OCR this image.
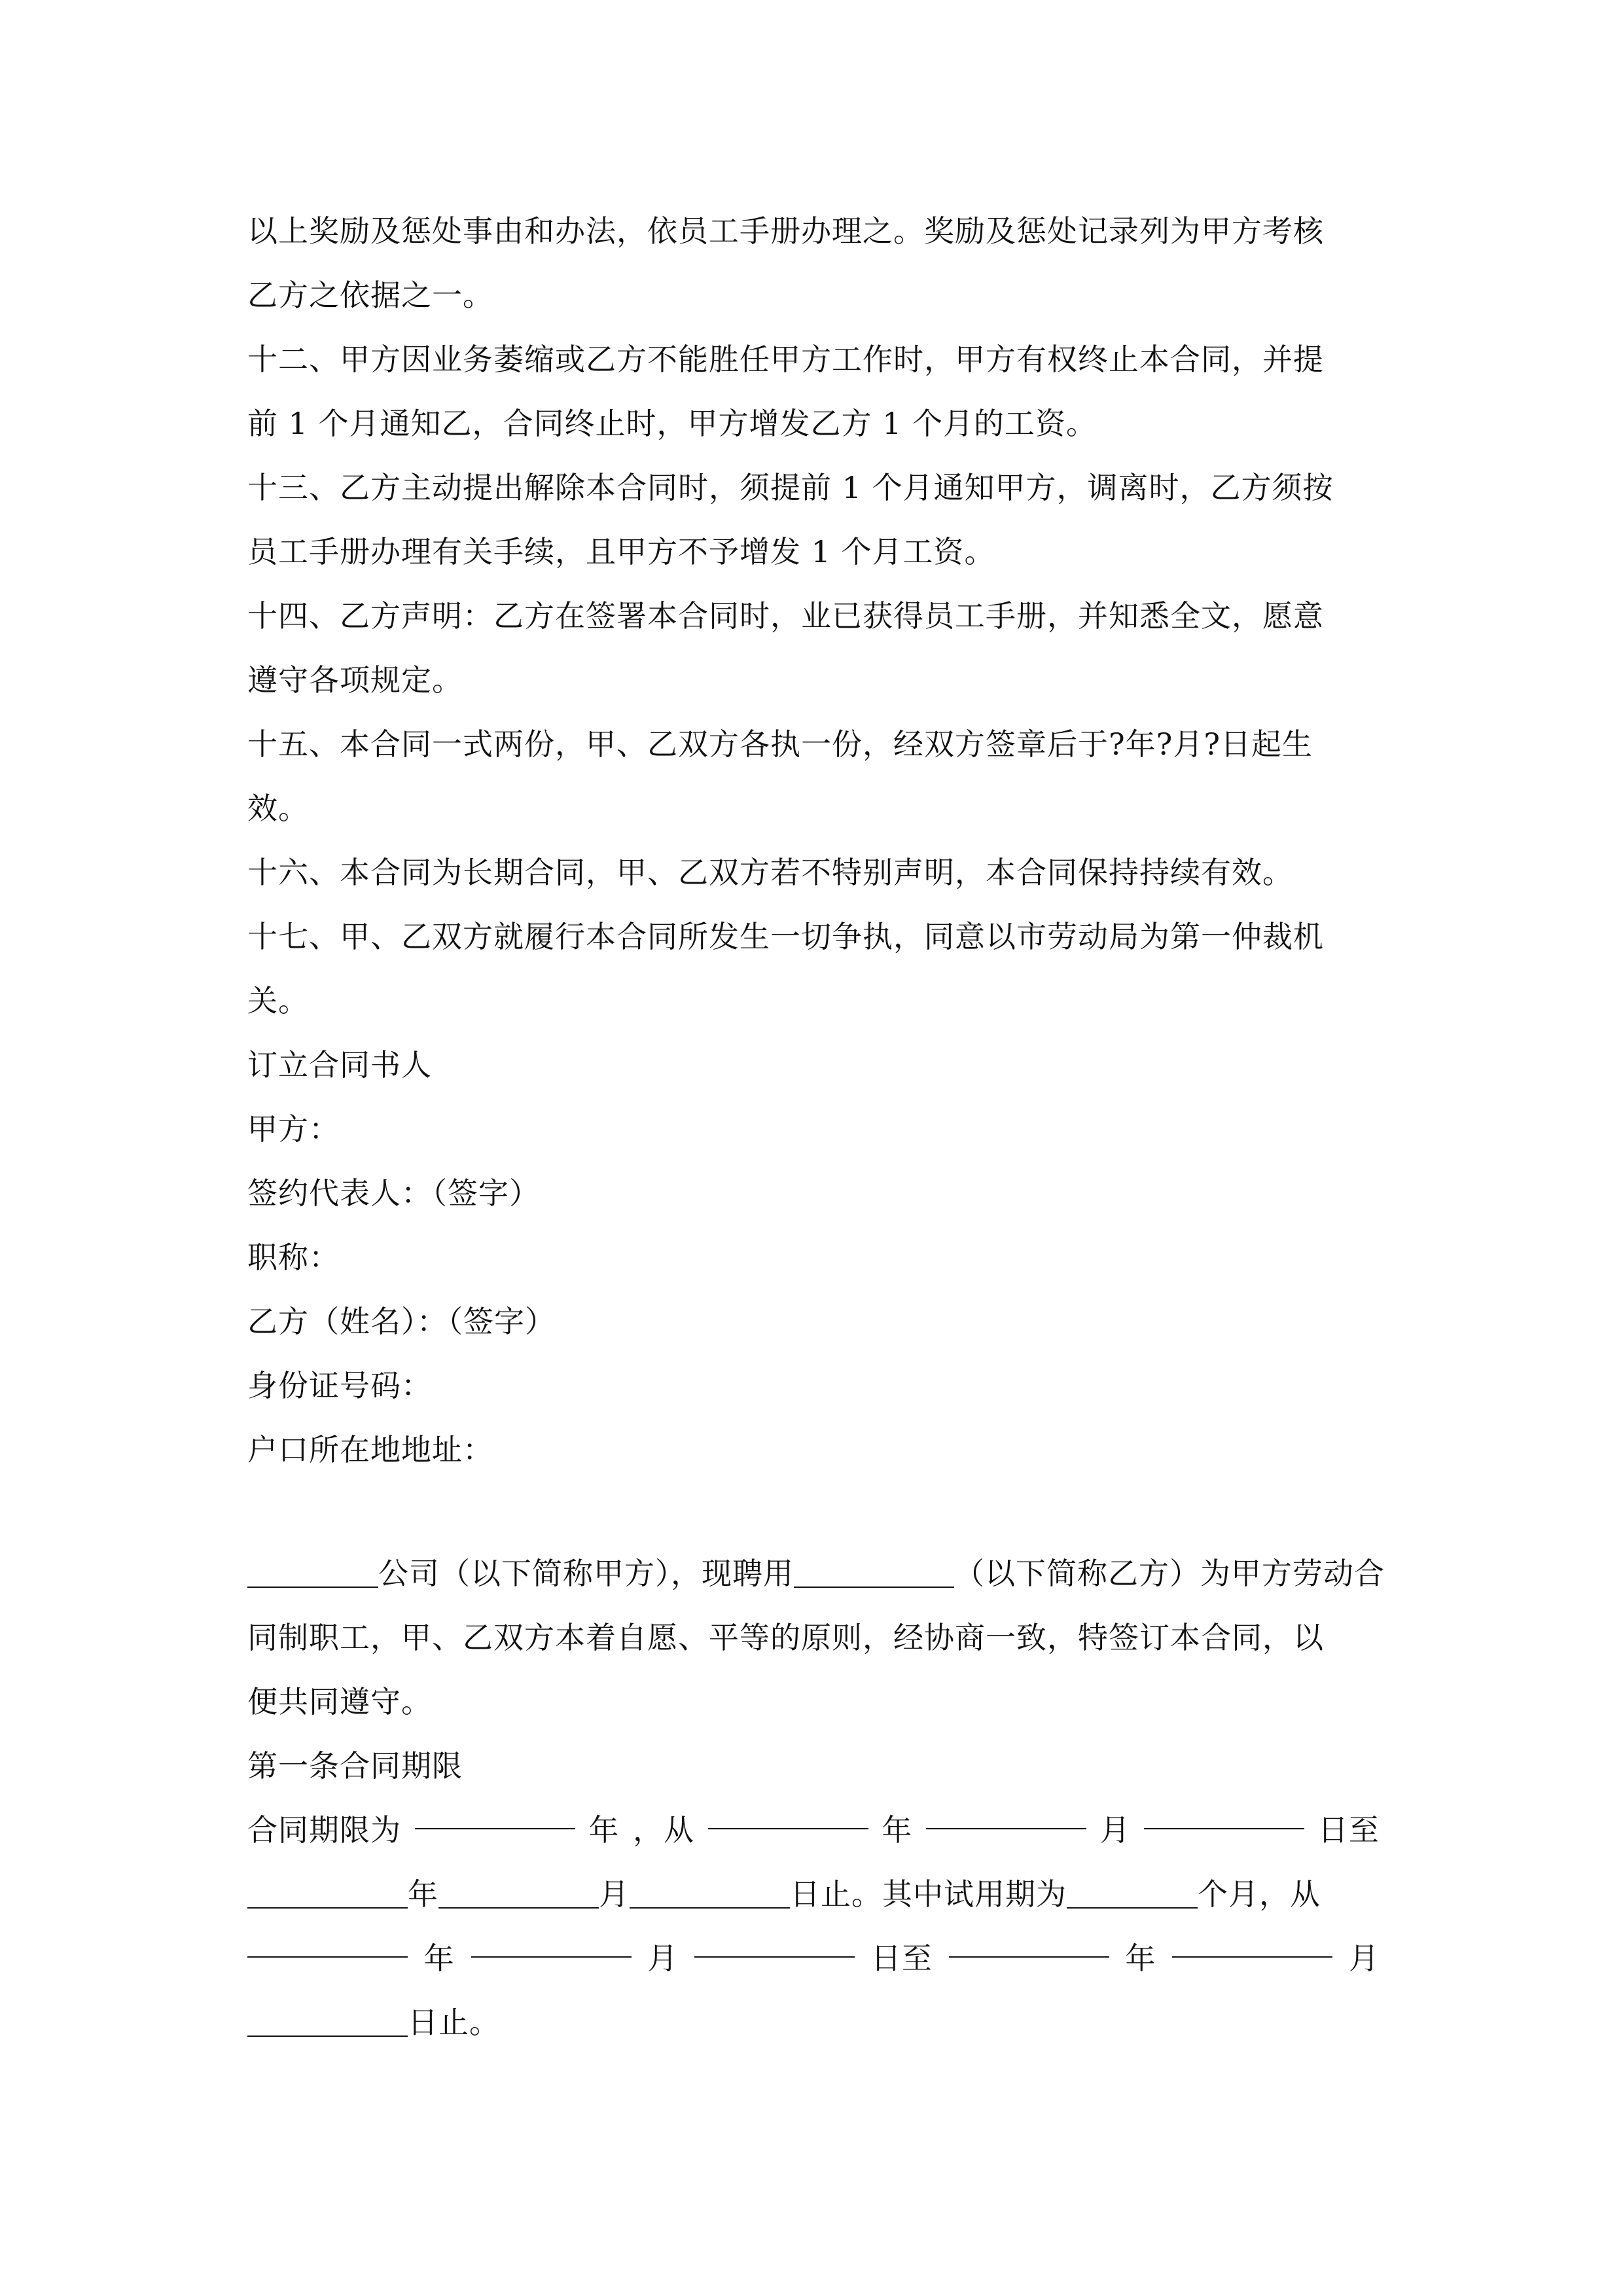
以上奖励及惩处事由和办法，依员工手册办理之。奖励及惩处记录列为甲方考核
乙方之依据之一。
十二、甲方因业务萎缩或乙方不能胜任甲方工作时，甲方有权终止本合同，并提
前 1 个月通知乙，合同终止时，甲方增发乙方 1 个月的工资。
十三、乙方主动提出解除本合同时，须提前 1 个月通知甲方，调离时，乙方须按
员工手册办理有关手续，且甲方不予增发 1 个月工资。
十四、乙方声明：乙方在签署本合同时，业已获得员工手册，并知悉全文，愿意
遵守各项规定。
十五、本合同一式两份，甲、乙双方各执一份，经双方签章后于?年?月?日起生
效。
十六、本合同为长期合同，甲、乙双方若不特别声明，本合同保持持续有效。
十七、甲、乙双方就履行本合同所发生一切争执，同意以市劳动局为第一仲裁机
关。
订立合同书人
甲方：
签约代表人：（签字）
职称：
乙方（姓名）：（签字）
身份证号码：
户口所在地地址：
公司（以下简称甲方），现聘用	（以下简称乙方）为甲方劳动合
同制职工，甲、乙双方本着自愿、平等的原则，经协商一致，特签订本合同，以
便共同遵守。
第一条合同期限
合同期限为	年 ，从	年	月	日至
年	月	日止。其中试用期为	个月，从
年	月	日至	年	月
日止。
